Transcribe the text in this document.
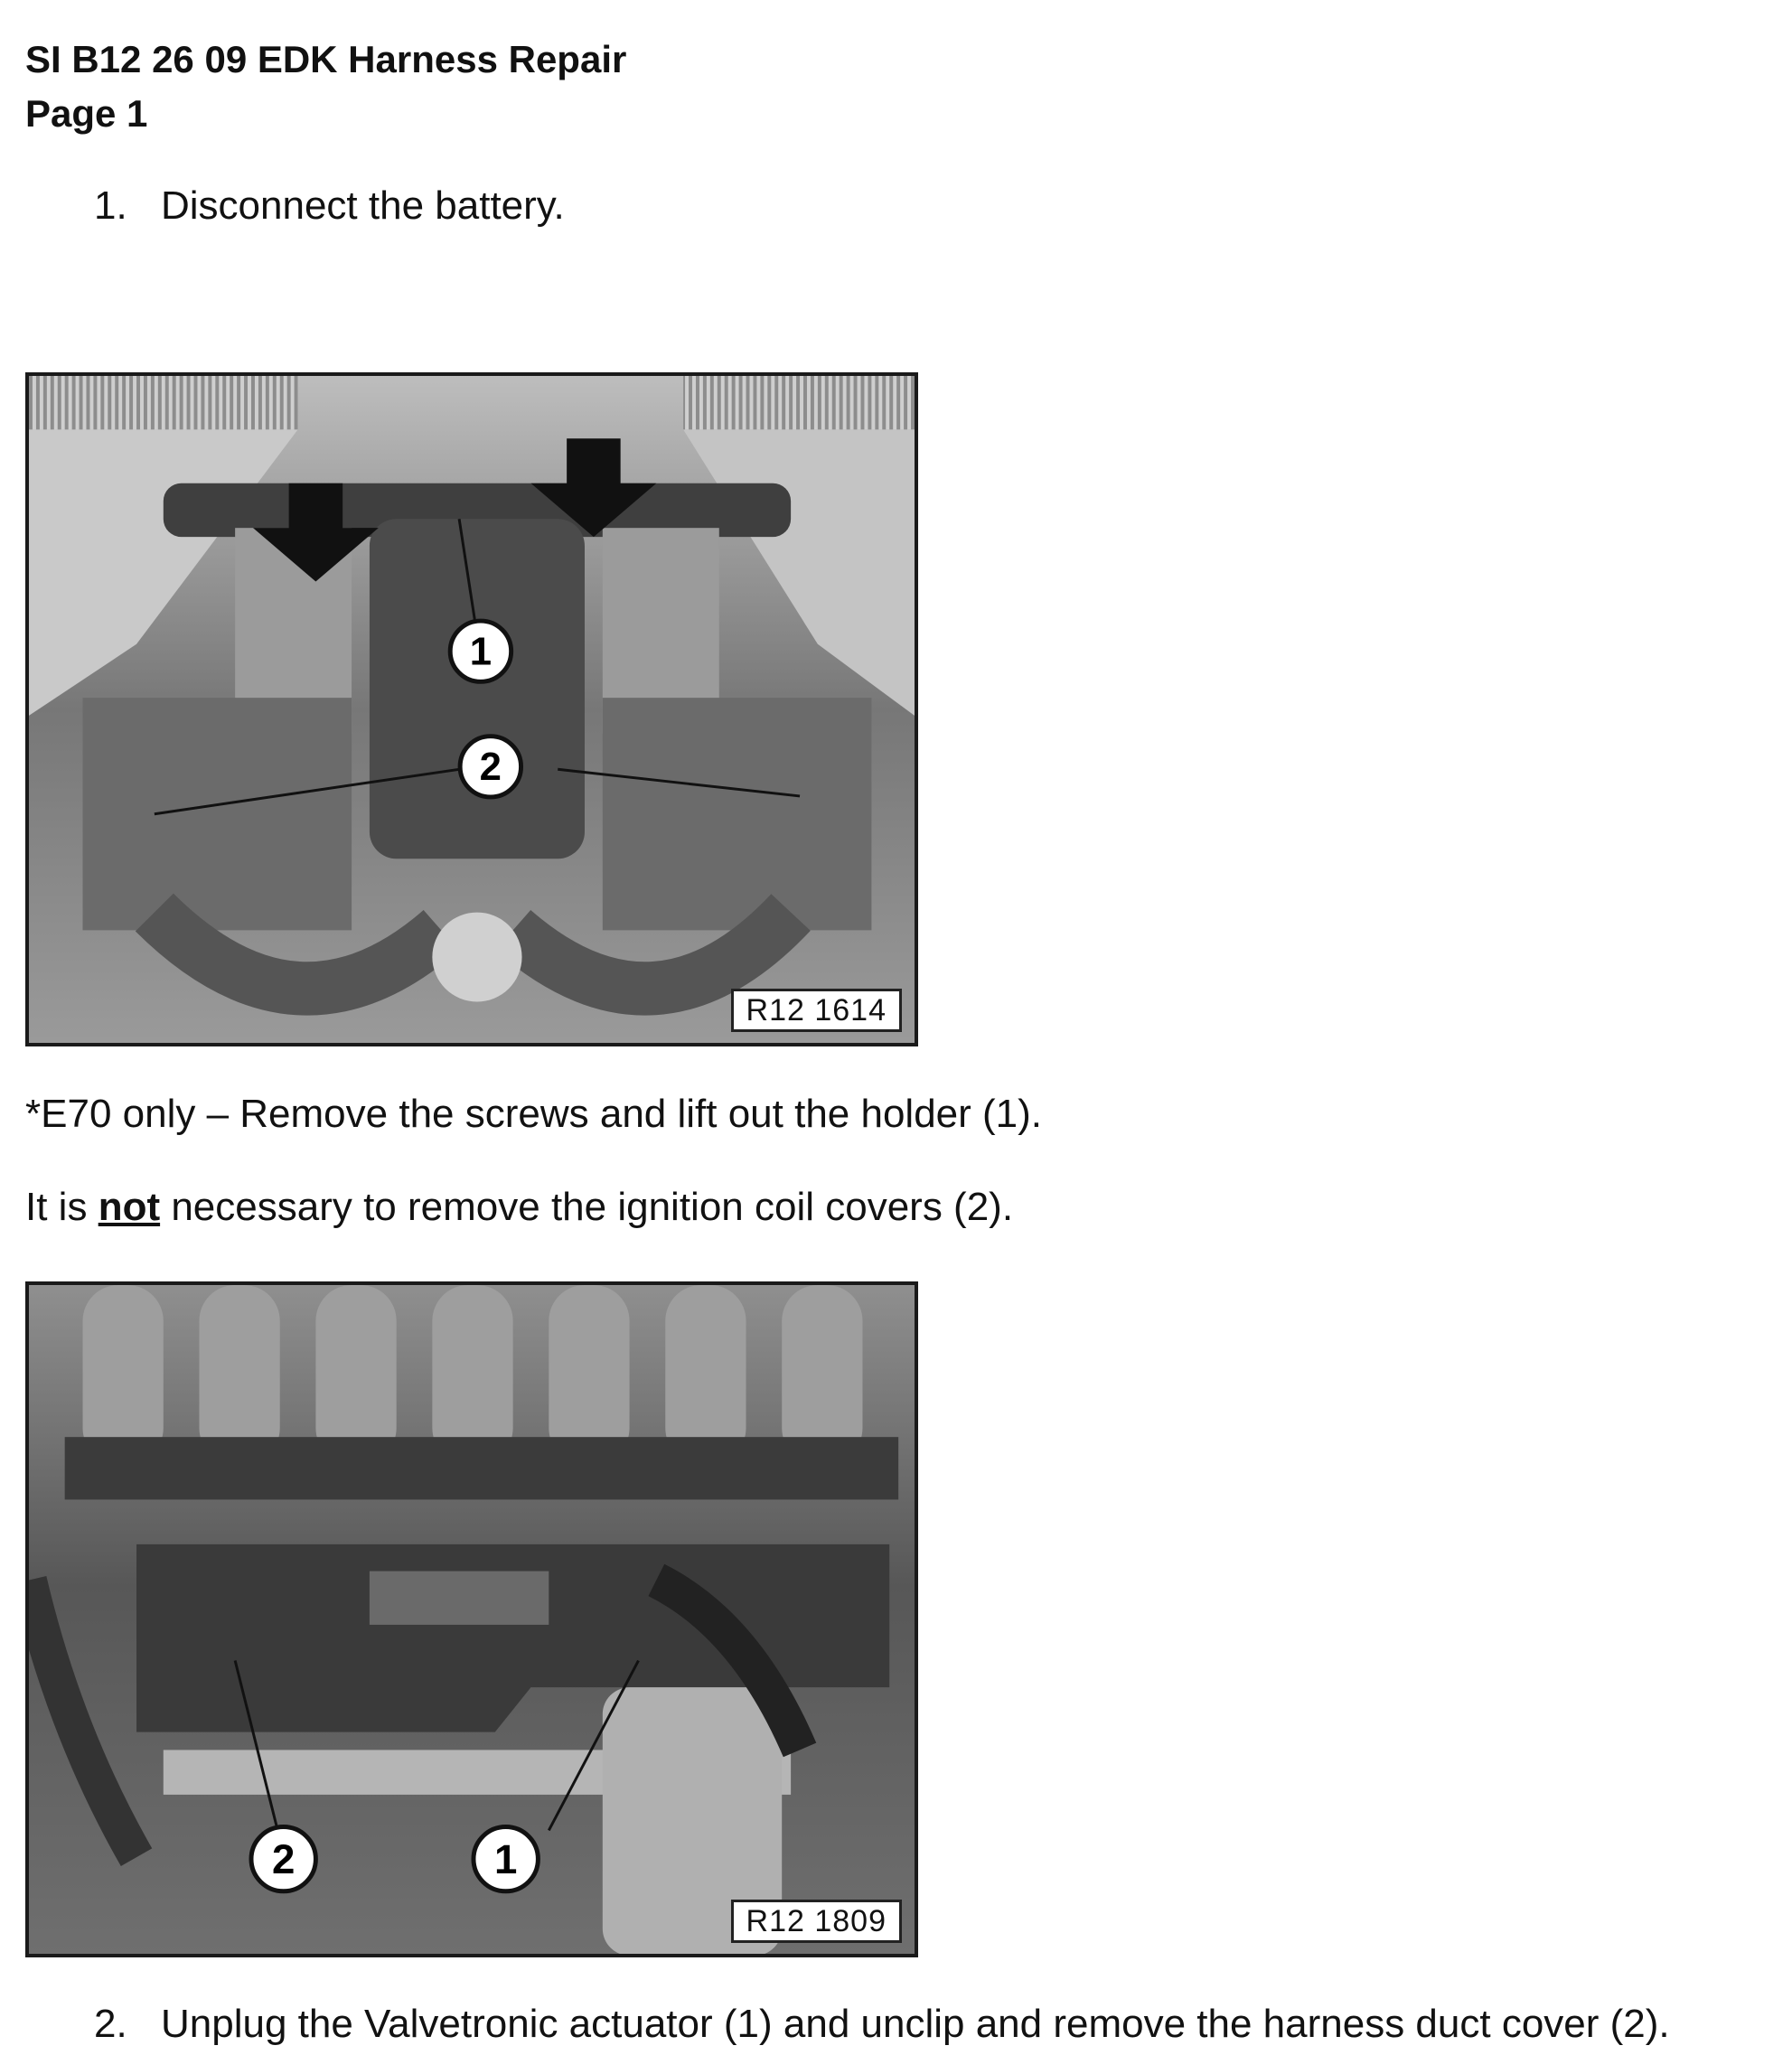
SI B12 26 09 EDK Harness Repair
Page 1
1. Disconnect the battery.
1
2
R12 1614
*E70 only – Remove the screws and lift out the holder (1).
It is not necessary to remove the ignition coil covers (2).
2	1
R12 1809
2. Unplug the Valvetronic actuator (1) and unclip and remove the harness duct cover (2).
